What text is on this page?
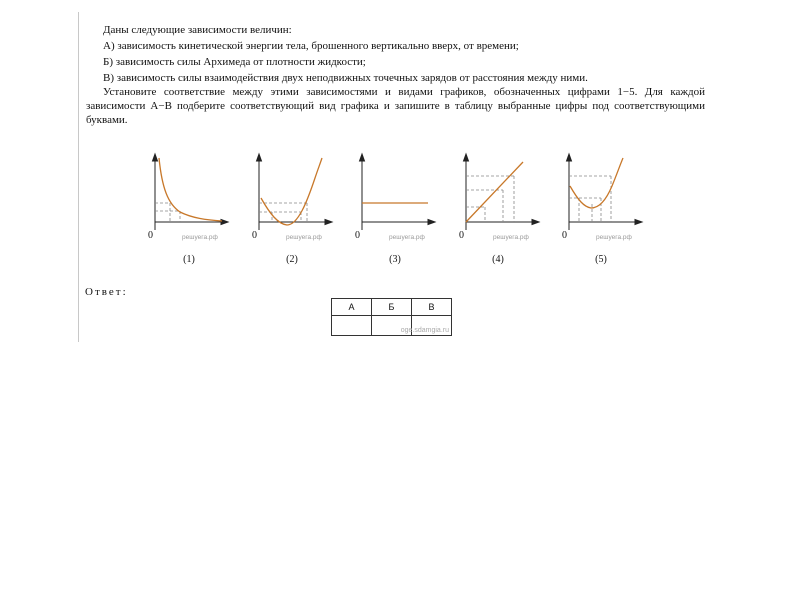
Даны следующие зависимости величин:
А) зависимость кинетической энергии тела, брошенного вертикально вверх, от времени;
Б) зависимость силы Архимеда от плотности жидкости;
В) зависимость силы взаимодействия двух неподвижных точечных зарядов от расстояния между ними.
Установите соответствие между этими зависимостями и видами графиков, обозначенных цифрами 1−5. Для каждой зависимости А−В подберите соответствующий вид графика и запишите в таблицу выбранные цифры под соответствующими буквами.
0	решуега.рф	0	решуега.рф	0	решуега.рф	0	решуега.рф	0	решуега.рф
(1)	(2)	(3)	(4)	(5)
Ответ:
А	Б	В

		oge.sdamgia.ru
